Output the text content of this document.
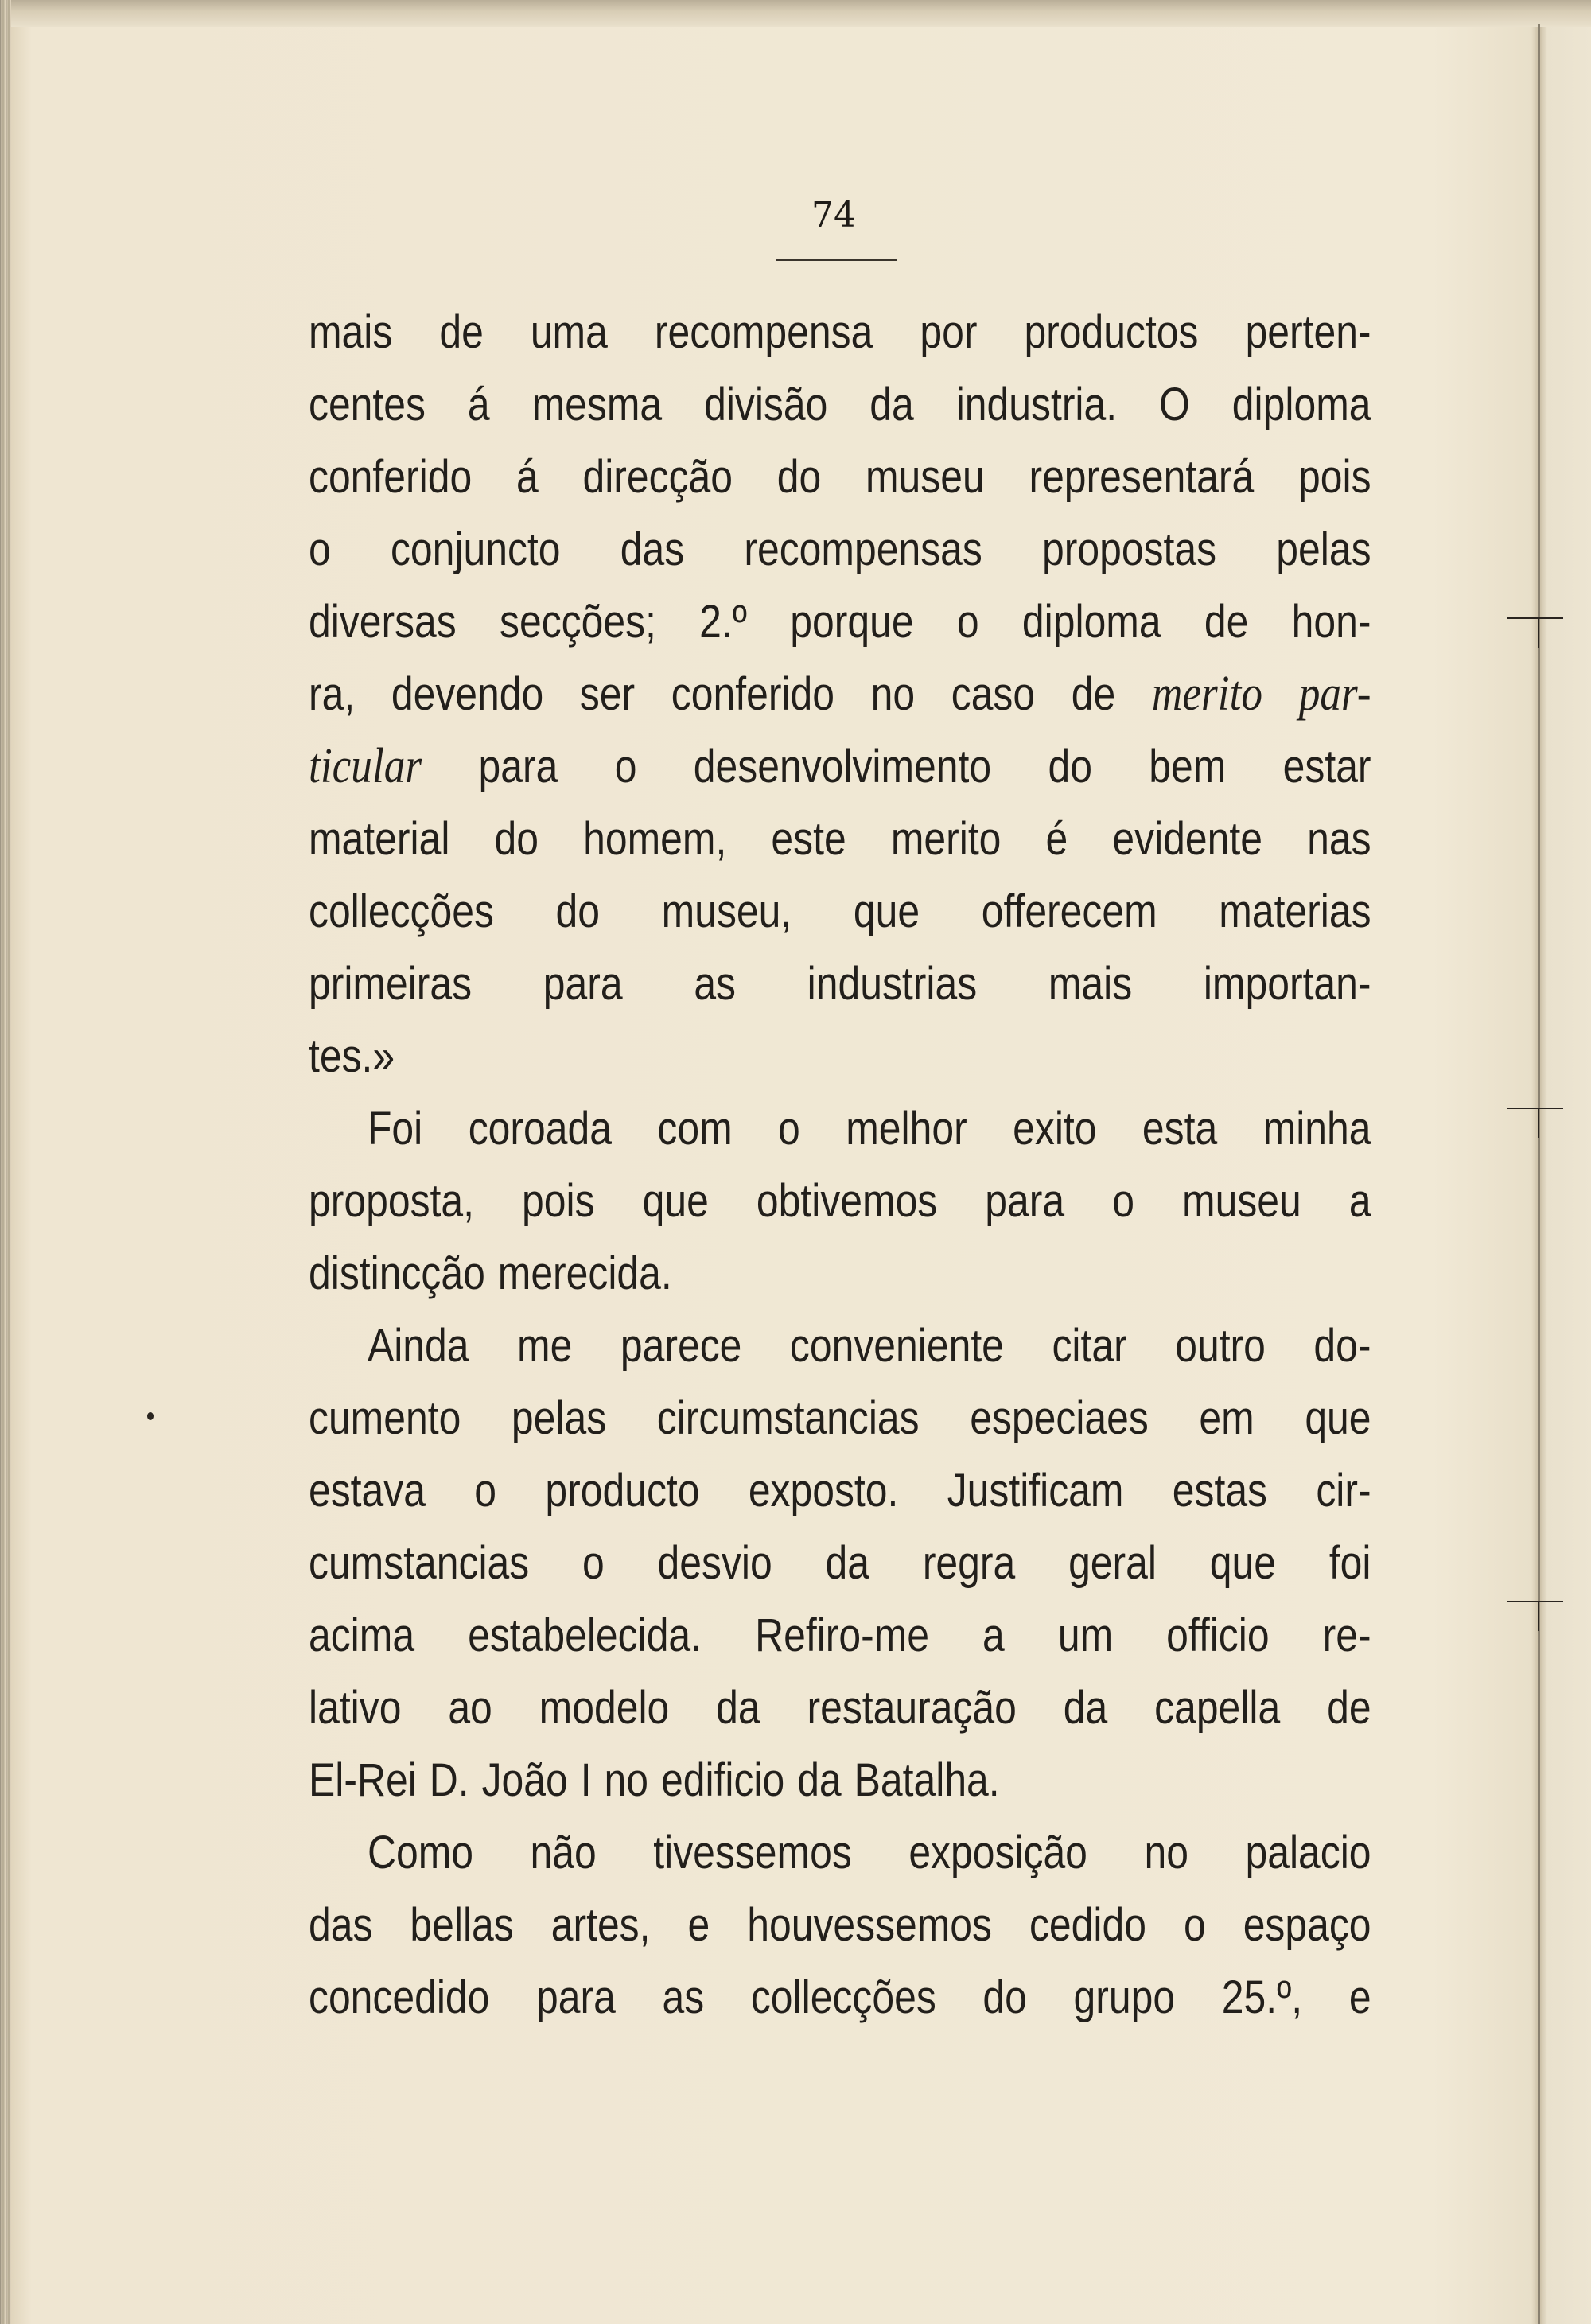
74
mais de uma recompensa por productos perten-
centes á mesma divisão da industria. O diploma
conferido á direcção do museu representará pois
o conjuncto das recompensas propostas pelas
diversas secções; 2.º porque o diploma de hon-
ra, devendo ser conferido no caso de merito par-
ticular para o desenvolvimento do bem estar
material do homem, este merito é evidente nas
collecções do museu, que offerecem materias
primeiras para as industrias mais importan-
tes.»
Foi coroada com o melhor exito esta minha
proposta, pois que obtivemos para o museu a
distincção merecida.
Ainda me parece conveniente citar outro do-
cumento pelas circumstancias especiaes em que
estava o producto exposto. Justificam estas cir-
cumstancias o desvio da regra geral que foi
acima estabelecida. Refiro-me a um officio re-
lativo ao modelo da restauração da capella de
El-Rei D. João I no edificio da Batalha.
Como não tivessemos exposição no palacio
das bellas artes, e houvessemos cedido o espaço
concedido para as collecções do grupo 25.º, e
